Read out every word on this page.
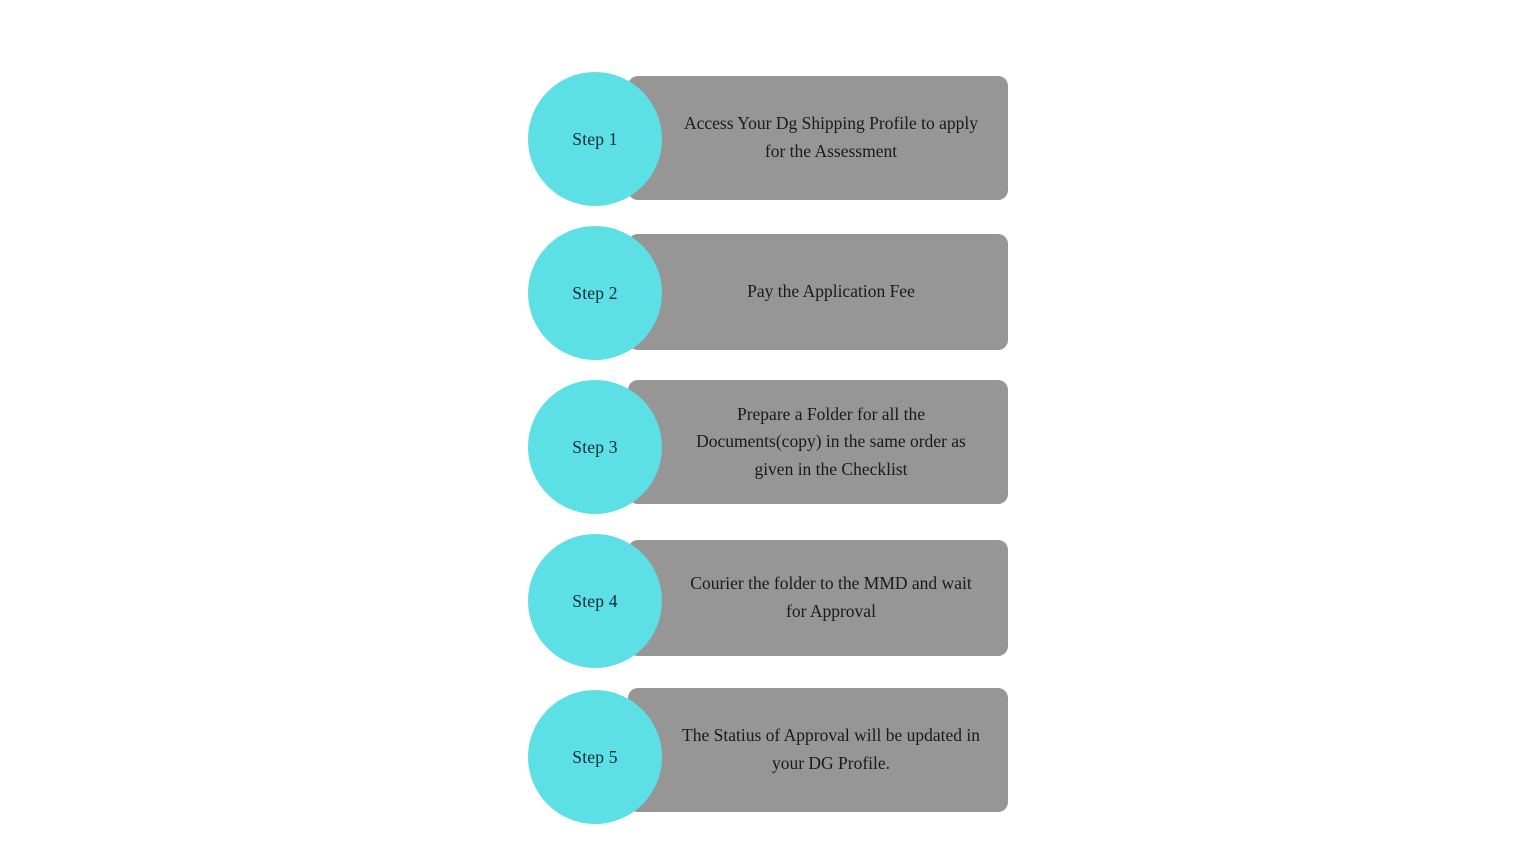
Access Your Dg Shipping Profile to apply for the Assessment
Step 1
Pay the Application Fee
Step 2
Prepare a Folder for all the Documents(copy) in the same order as given in the Checklist
Step 3
Courier the folder to the MMD and wait for Approval
Step 4
The Statius of Approval will be updated in your DG Profile.
Step 5
